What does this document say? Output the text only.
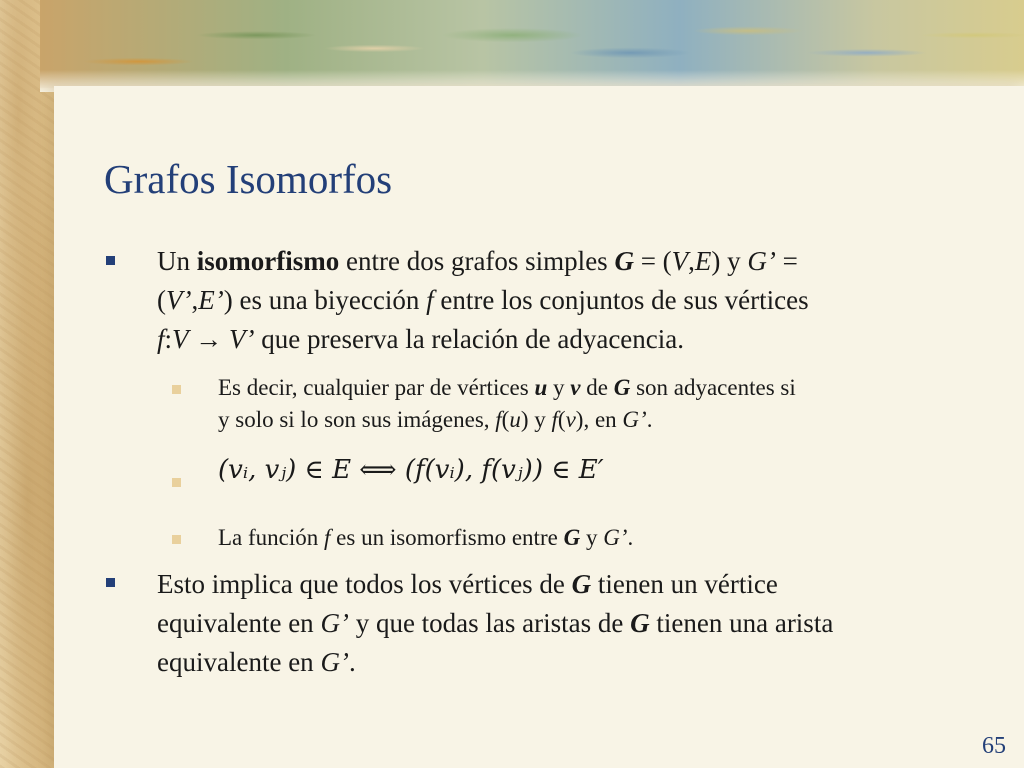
Grafos Isomorfos
Un isomorfismo entre dos grafos simples G = (V,E) y G’ =
(V’,E’) es una biyección f entre los conjuntos de sus vértices
f:V → V’ que preserva la relación de adyacencia.
Es decir, cualquier par de vértices u y v de G son adyacentes si
y solo si lo son sus imágenes, f(u) y f(v), en G’.
(vᵢ, vⱼ) ∈ E ⟺ (f(vᵢ), f(vⱼ)) ∈ E′
La función f es un isomorfismo entre G y G’.
Esto implica que todos los vértices de G tienen un vértice
equivalente en G’ y que todas las aristas de G tienen una arista
equivalente en G’.
65
